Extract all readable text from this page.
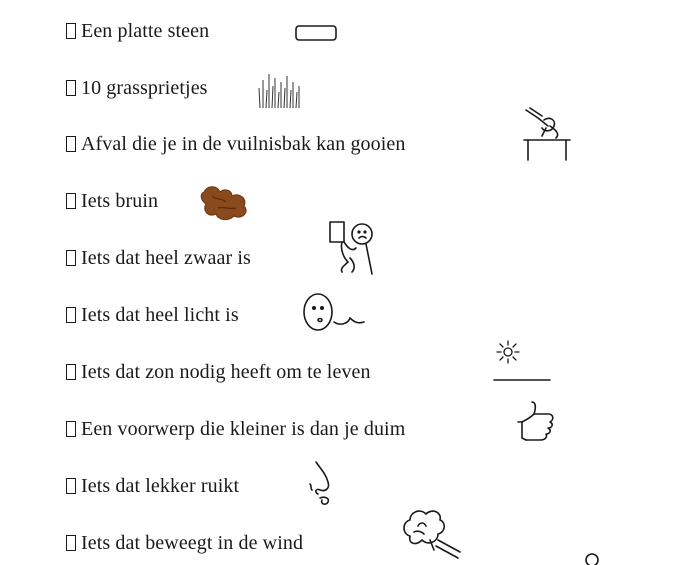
Een platte steen
10 grassprietjes
Afval die je in de vuilnisbak kan gooien
Iets bruin
Iets dat heel zwaar is
Iets dat heel licht is
Iets dat zon nodig heeft om te leven
Een voorwerp die kleiner is dan je duim
Iets dat lekker ruikt
Iets dat beweegt in de wind
